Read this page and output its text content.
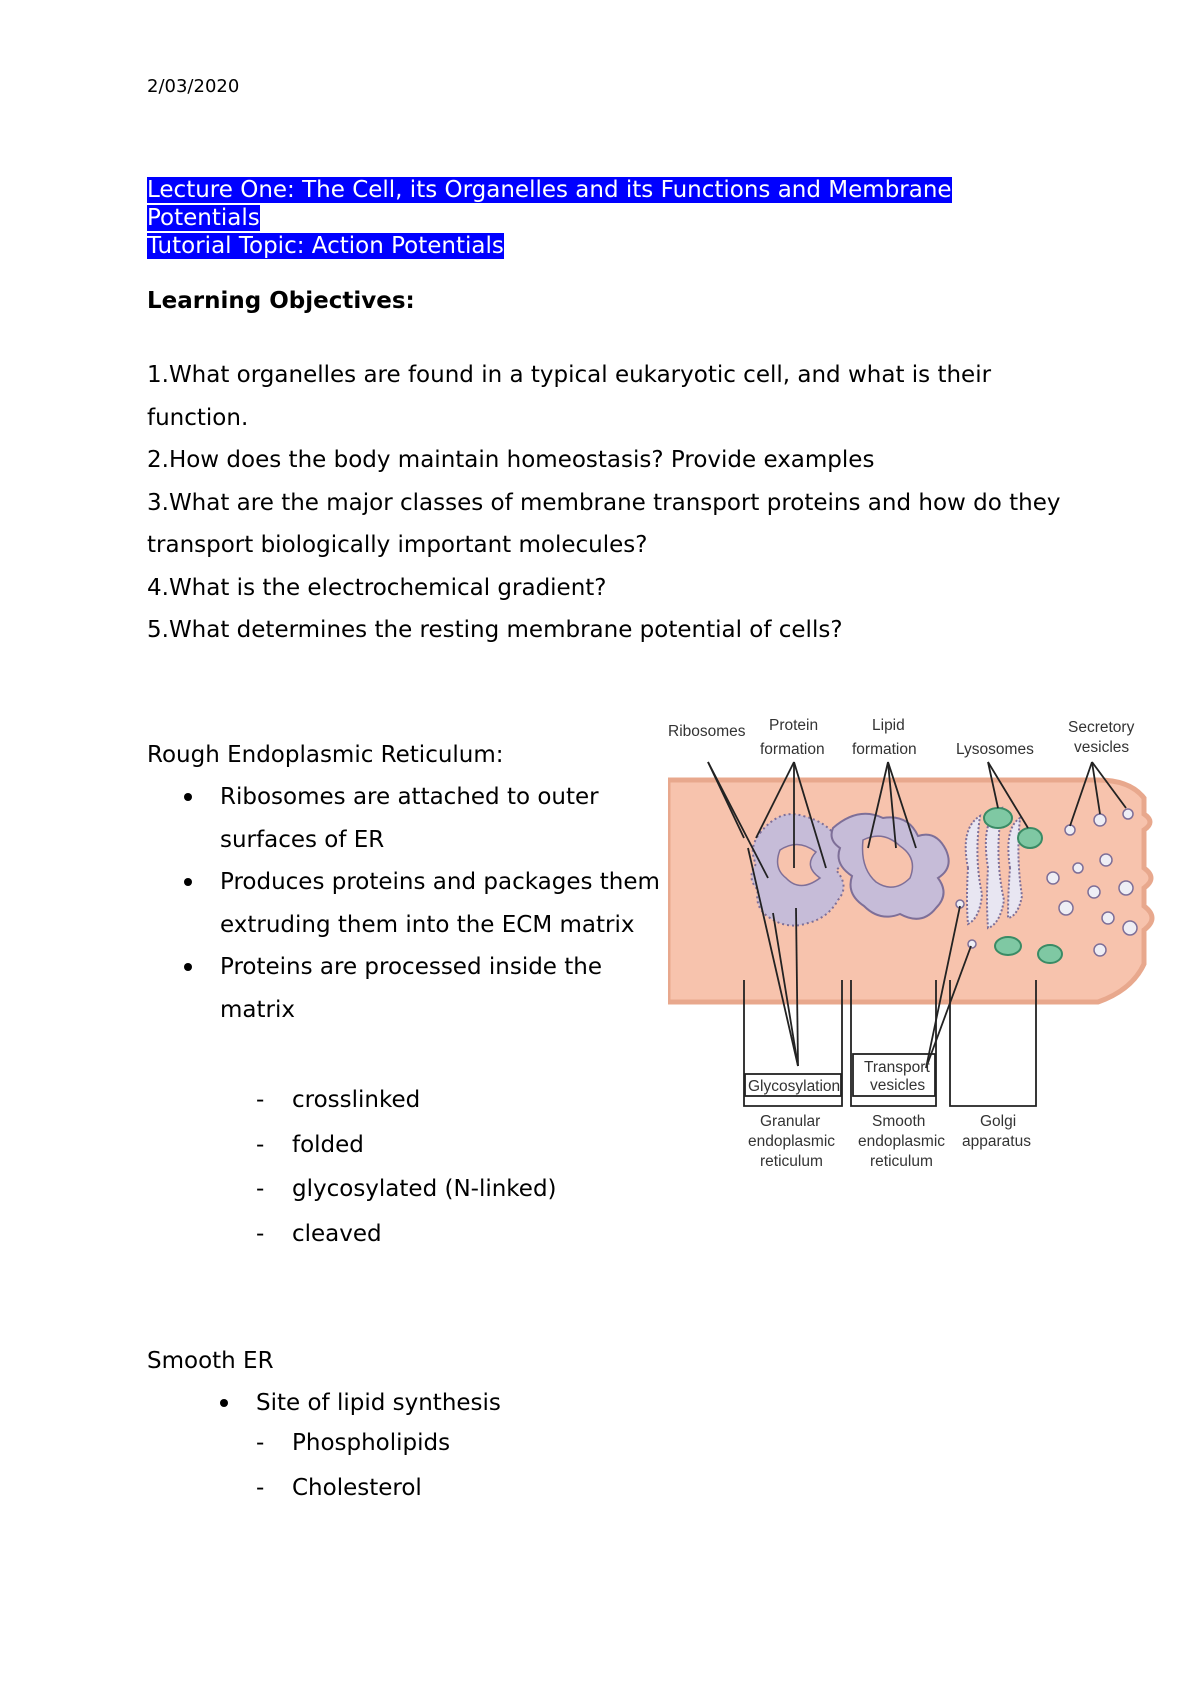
2/03/2020
Lecture One: The Cell, its Organelles and its Functions and Membrane
Potentials
Tutorial Topic: Action Potentials
Learning Objectives:
1.What organelles are found in a typical eukaryotic cell, and what is their function.
2.How does the body maintain homeostasis? Provide examples
3.What are the major classes of membrane transport proteins and how do they transport biologically important molecules?
4.What is the electrochemical gradient?
5.What determines the resting membrane potential of cells?
Rough Endoplasmic Reticulum:
Ribosomes are attached to outer surfaces of ER
Produces proteins and packages them extruding them into the ECM matrix
Proteins are processed inside the matrix
- crosslinked
- folded
- glycosylated (N-linked)
- cleaved
Smooth ER
Site of lipid synthesis
- Phospholipids
- Cholesterol
Ribosomes Protein
formation
Lipid
formation	Lysosomes
Secretory
vesicles
Glycosylation
Transport
vesicles
Granular
endoplasmic
reticulum
Smooth
endoplasmic
reticulum
Golgi
apparatus
